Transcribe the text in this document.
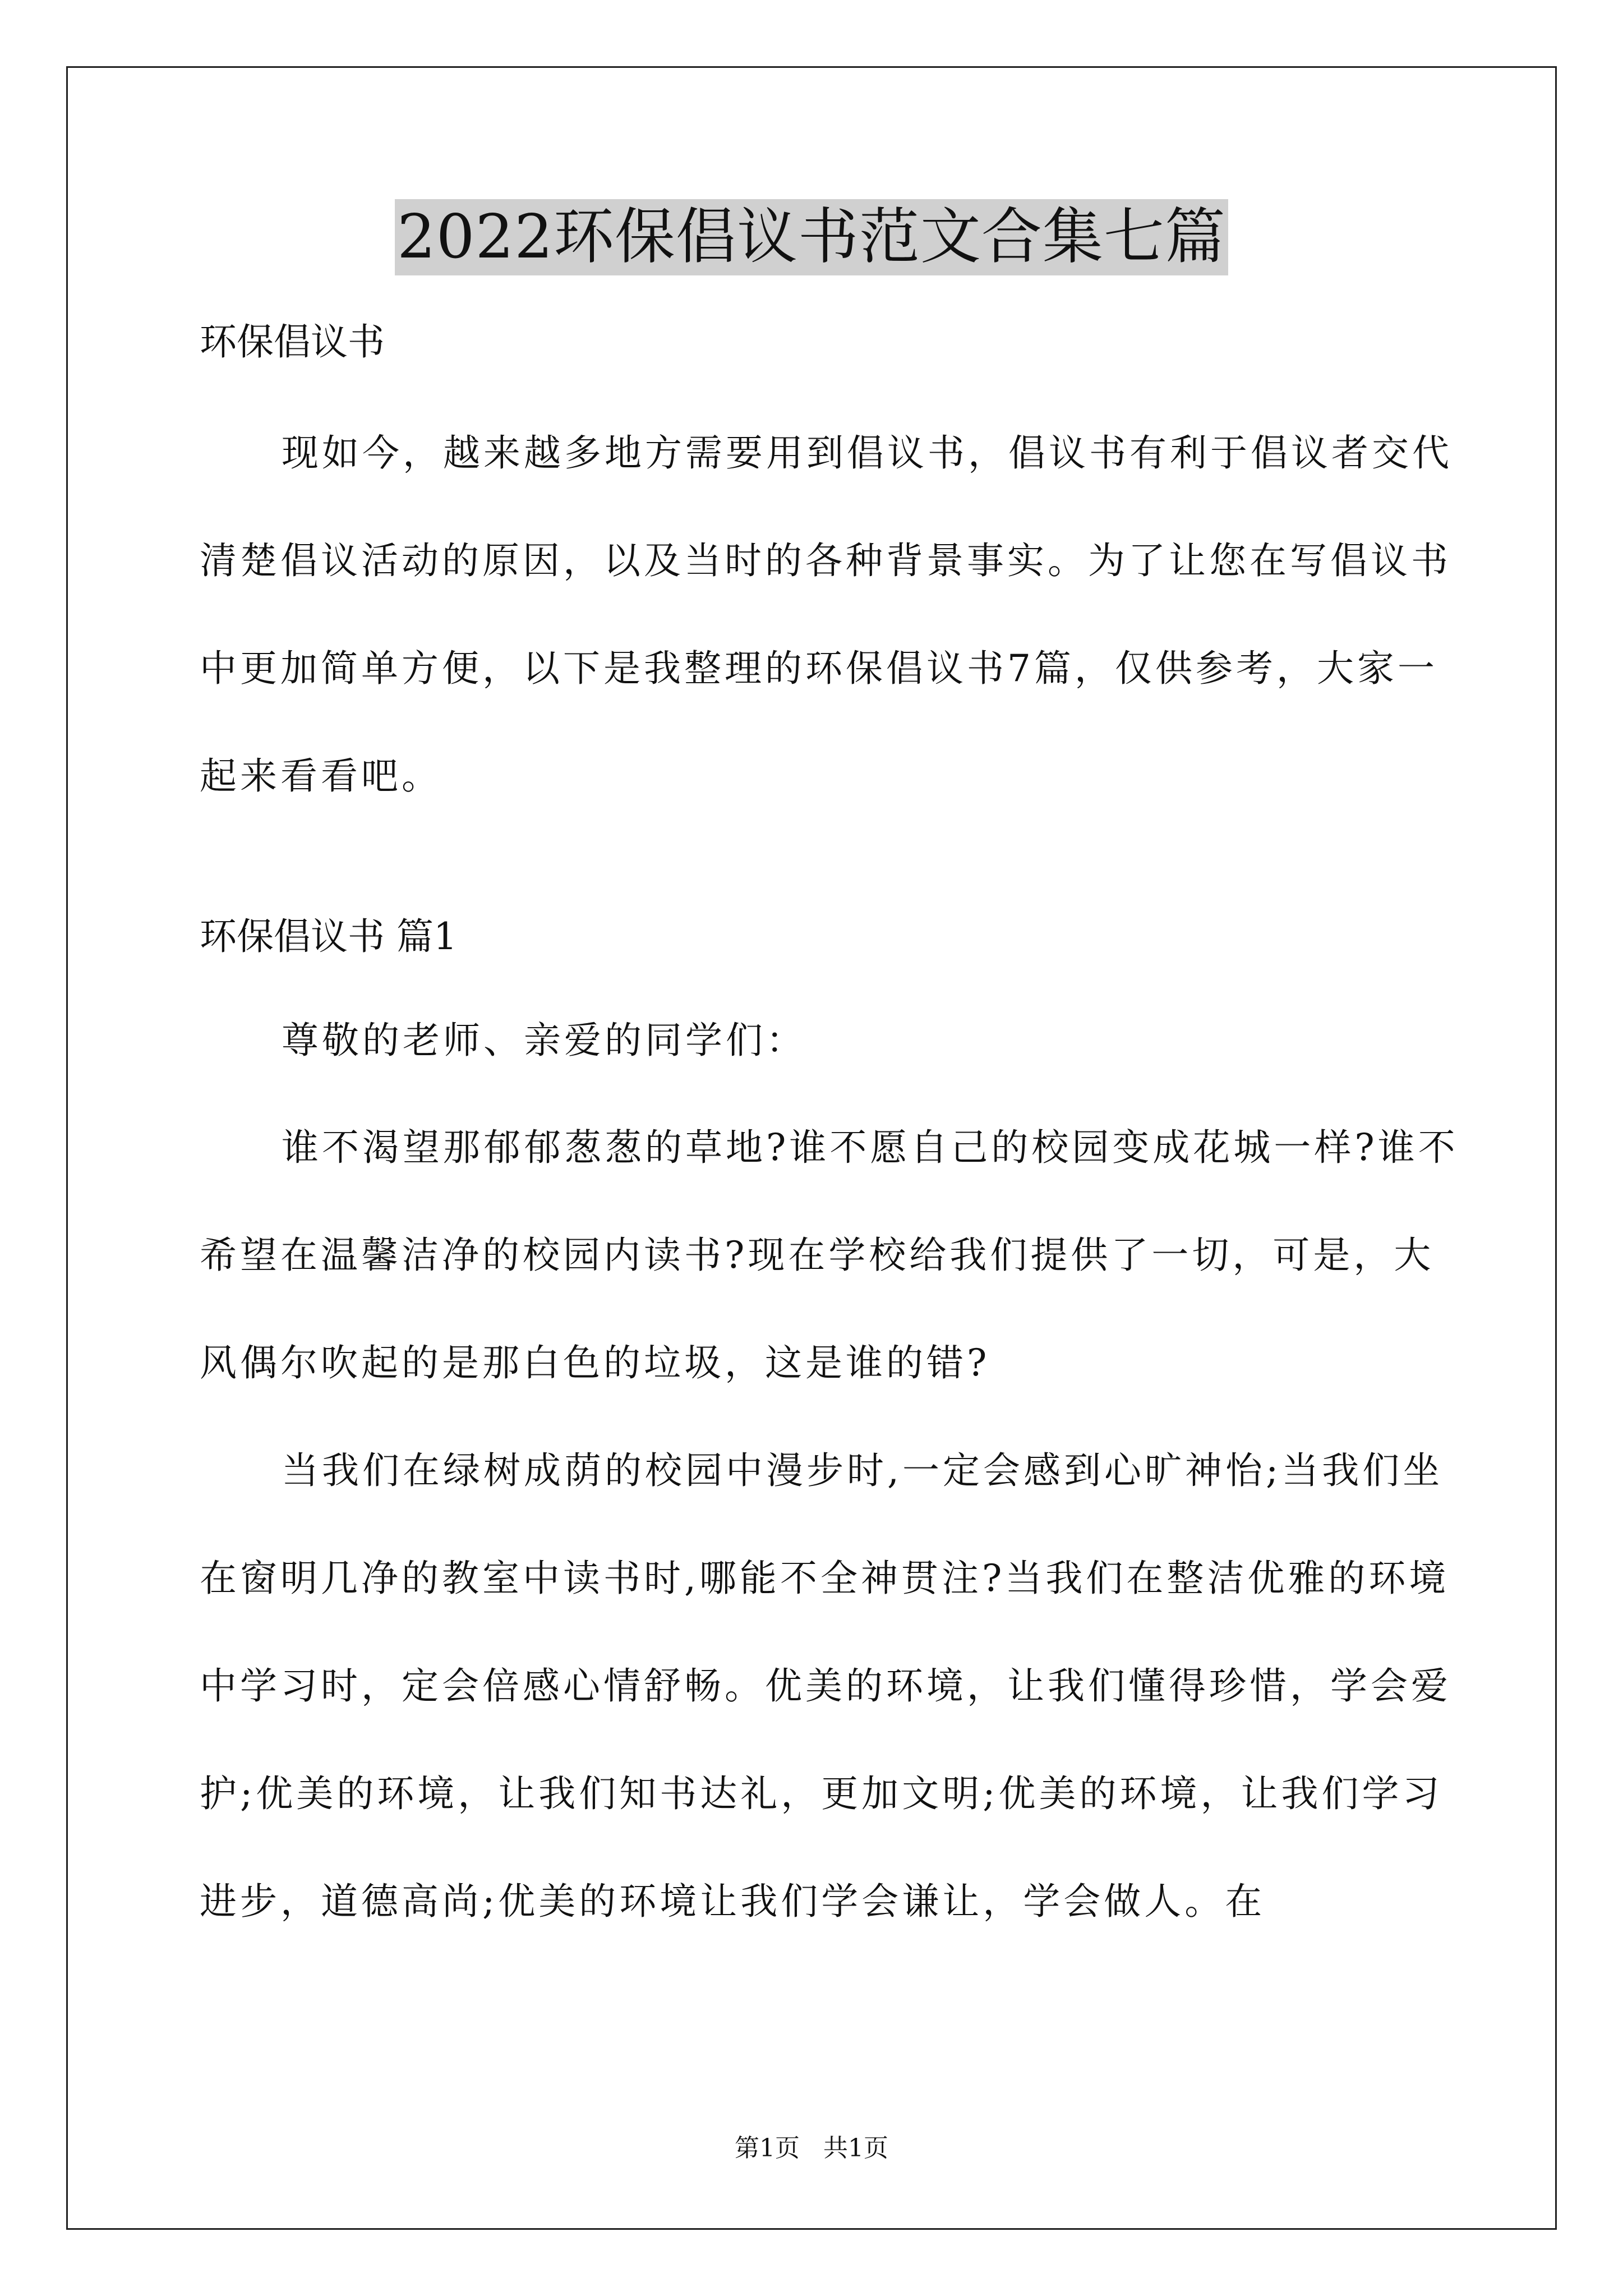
2022环保倡议书范文合集七篇

环保倡议书

现如今，越来越多地方需要用到倡议书，倡议书有利于倡议者交代清楚倡议活动的原因，以及当时的各种背景事实。为了让您在写倡议书中更加简单方便，以下是我整理的环保倡议书7篇，仅供参考，大家一起来看看吧。

环保倡议书 篇1

尊敬的老师、亲爱的同学们：

谁不渴望那郁郁葱葱的草地?谁不愿自己的校园变成花城一样?谁不希望在温馨洁净的校园内读书?现在学校给我们提供了一切，可是，大风偶尔吹起的是那白色的垃圾，这是谁的错?

当我们在绿树成荫的校园中漫步时,一定会感到心旷神怡;当我们坐在窗明几净的教室中读书时,哪能不全神贯注?当我们在整洁优雅的环境中学习时，定会倍感心情舒畅。优美的环境，让我们懂得珍惜，学会爱护;优美的环境，让我们知书达礼，更加文明;优美的环境，让我们学习进步，道德高尚;优美的环境让我们学会谦让，学会做人。在

第1页   共1页
